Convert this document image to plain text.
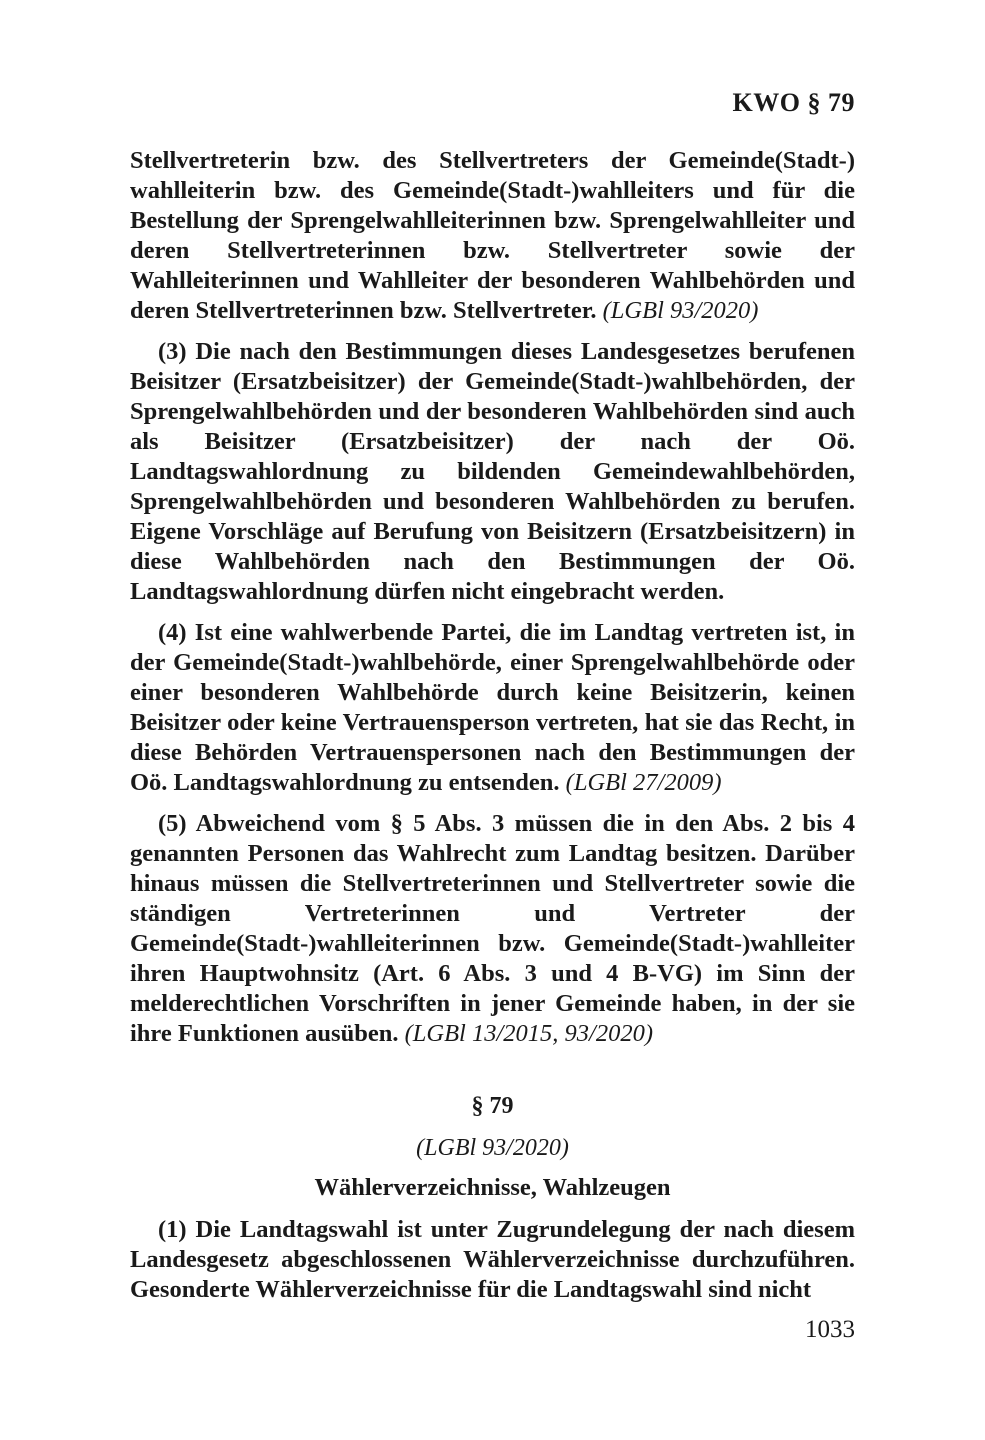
KWO § 79

Stellvertreterin bzw. des Stellvertreters der Gemeinde(Stadt-) wahlleiterin bzw. des Gemeinde(Stadt-)wahlleiters und für die Bestellung der Sprengelwahlleiterinnen bzw. Sprengelwahlleiter und deren Stellvertreterinnen bzw. Stellvertreter sowie der Wahlleiterinnen und Wahlleiter der besonderen Wahlbehörden und deren Stellvertreterinnen bzw. Stellvertreter. (LGBl 93/2020)

(3) Die nach den Bestimmungen dieses Landesgesetzes berufenen Beisitzer (Ersatzbeisitzer) der Gemeinde(Stadt-)wahlbehörden, der Sprengelwahlbehörden und der besonderen Wahlbehörden sind auch als Beisitzer (Ersatzbeisitzer) der nach der Oö. Landtagswahlordnung zu bildenden Gemeindewahlbehörden, Sprengelwahlbehörden und besonderen Wahlbehörden zu berufen. Eigene Vorschläge auf Berufung von Beisitzern (Ersatzbeisitzern) in diese Wahlbehörden nach den Bestimmungen der Oö. Landtagswahlordnung dürfen nicht eingebracht werden.

(4) Ist eine wahlwerbende Partei, die im Landtag vertreten ist, in der Gemeinde(Stadt-)wahlbehörde, einer Sprengelwahlbehörde oder einer besonderen Wahlbehörde durch keine Beisitzerin, keinen Beisitzer oder keine Vertrauensperson vertreten, hat sie das Recht, in diese Behörden Vertrauenspersonen nach den Bestimmungen der Oö. Landtagswahlordnung zu entsenden. (LGBl 27/2009)

(5) Abweichend vom § 5 Abs. 3 müssen die in den Abs. 2 bis 4 genannten Personen das Wahlrecht zum Landtag besitzen. Darüber hinaus müssen die Stellvertreterinnen und Stellvertreter sowie die ständigen Vertreterinnen und Vertreter der Gemeinde(Stadt-)wahlleiterinnen bzw. Gemeinde(Stadt-)wahlleiter ihren Hauptwohnsitz (Art. 6 Abs. 3 und 4 B-VG) im Sinn der melderechtlichen Vorschriften in jener Gemeinde haben, in der sie ihre Funktionen ausüben. (LGBl 13/2015, 93/2020)

§ 79
(LGBl 93/2020)
Wählerverzeichnisse, Wahlzeugen

(1) Die Landtagswahl ist unter Zugrundelegung der nach diesem Landesgesetz abgeschlossenen Wählerverzeichnisse durchzuführen. Gesonderte Wählerverzeichnisse für die Landtagswahl sind nicht

1033
